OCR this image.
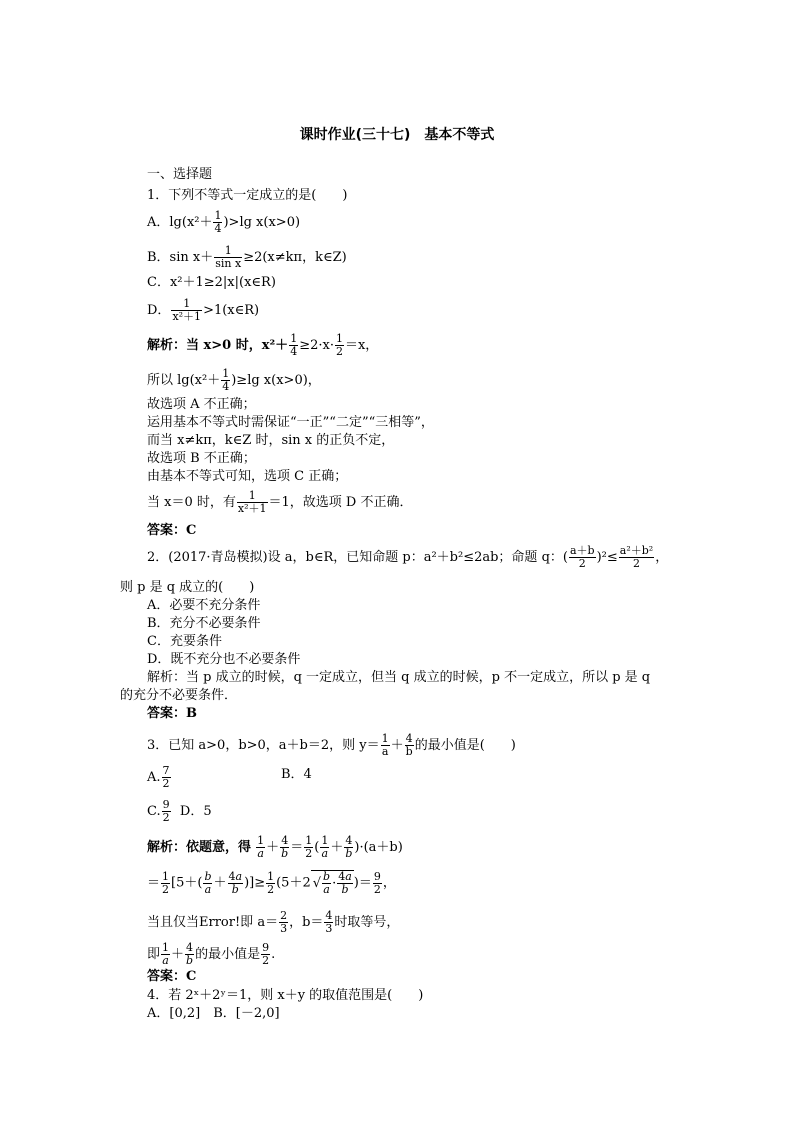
课时作业(三十七)　基本不等式
一、选择题
1．下列不等式一定成立的是(　　)
A．$\lg(x^2+ \frac{1}{4} )>\lg$ x(x>0)
B．$\sin x+ \frac{1}{\text{sin x}} \ge 2(x\ne k\pi$，k∈Z)
C．x²＋1≥2|x|(x∈R)
D． $\frac{1}{\text{x²＋1}}$ >1(x∈R)
解析：当 x>0 时，$x^2+ \frac{1}{4} \ge 2\cdot x\cdot \frac{1}{2} =x$，
所以 $\lg(x^2+ \frac{1}{4} )\ge\lg$ x(x>0)，
故选项 A 不正确；
运用基本不等式时需保证“一正”“二定”“三相等”，
而当 x≠kπ，k∈Z 时，sin x 的正负不定，
故选项 B 不正确；
由基本不等式可知，选项 C 正确；
当 x＝0 时，有 $\frac{1}{\text{x²＋1}} =1$，故选项 D 不正确．
答案：C
2．(2017·青岛模拟)设 a，b∈R，已知命题 p：a²＋b²≤2ab；命题 q：( $\frac{a+b}{2} )^2\le \frac{\text{a²＋b²}}{2}$ ，
则 p 是 q 成立的(　　)
A．必要不充分条件
B．充分不必要条件
C．充要条件
D．既不充分也不必要条件
解析：当 p 成立的时候，q 一定成立，但当 q 成立的时候，p 不一定成立，所以 p 是 q
的充分不必要条件．
答案：B
3．已知 a>0，b>0，a＋b＝2，则 $y= \frac{1}{a} + \frac{4}{b}$ 的最小值是(　　)
A. $\frac{7}{2}$	B．4
C. $\frac{9}{2}$ D．5
解析：依题意，得 $\frac{1}{a} + \frac{4}{b} = \frac{1}{2}$ ( $\frac{1}{a} + \frac{4}{b} )\cdot(a+b)$
＝ $\frac{1}{2} [5+( \frac{b}{a} + \frac{4a}{b}$ )]≥ $\frac{1}{2} (5+2$ √ $\frac{b}{a} \cdot \frac{4a}{b}$ )＝ $\frac{9}{2}$ ，
当且仅当Error!即 $a= \frac{2}{3}$ ，$b= \frac{4}{3}$ 时取等号，
即 $\frac{1}{a} + \frac{4}{b}$ 的最小值是 $\frac{9}{2}$ .
答案：C
4．若 2ˣ＋2ʸ＝1，则 x＋y 的取值范围是(　　)
A．[0,2]　B．[－2,0]
